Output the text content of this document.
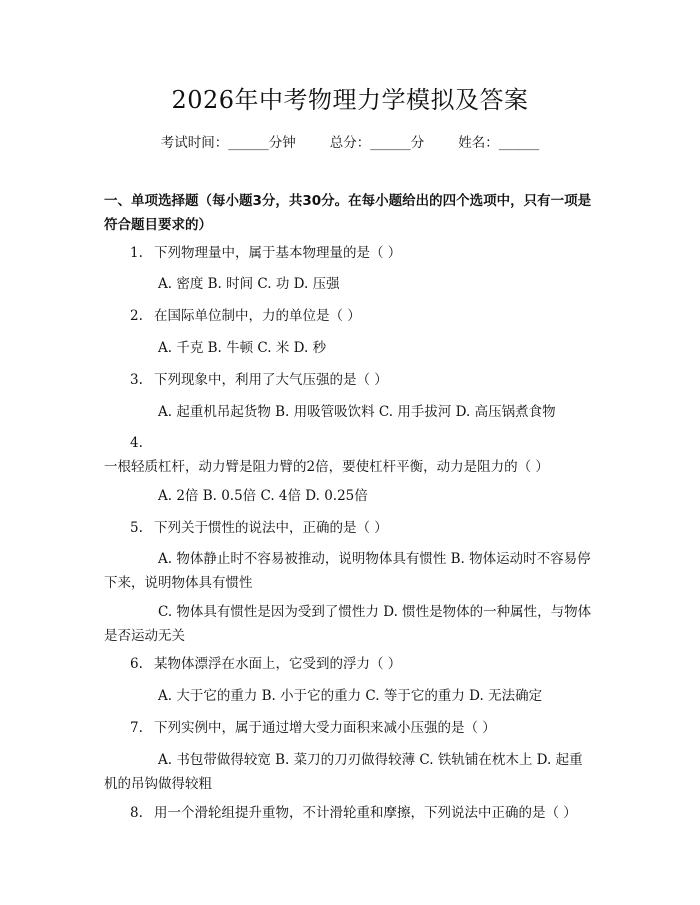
2026年中考物理力学模拟及答案
考试时间：______分钟	总分：______分	姓名：______
一、单项选择题（每小题3分，共30分。在每小题给出的四个选项中，只有一项是符合题目要求的）
1. 下列物理量中，属于基本物理量的是（ ）
A. 密度 B. 时间 C. 功 D. 压强
2. 在国际单位制中，力的单位是（ ）
A. 千克 B. 牛顿 C. 米 D. 秒
3. 下列现象中，利用了大气压强的是（ ）
A. 起重机吊起货物 B. 用吸管吸饮料 C. 用手拔河 D. 高压锅煮食物
4.一根轻质杠杆，动力臂是阻力臂的2倍，要使杠杆平衡，动力是阻力的（ ）
A. 2倍 B. 0.5倍 C. 4倍 D. 0.25倍
5. 下列关于惯性的说法中，正确的是（ ）
A. 物体静止时不容易被推动，说明物体具有惯性 B. 物体运动时不容易停下来，说明物体具有惯性
C. 物体具有惯性是因为受到了惯性力 D. 惯性是物体的一种属性，与物体是否运动无关
6. 某物体漂浮在水面上，它受到的浮力（ ）
A. 大于它的重力 B. 小于它的重力 C. 等于它的重力 D. 无法确定
7. 下列实例中，属于通过增大受力面积来减小压强的是（ ）
A. 书包带做得较宽 B. 菜刀的刀刃做得较薄 C. 铁轨铺在枕木上 D. 起重机的吊钩做得较粗
8. 用一个滑轮组提升重物，不计滑轮重和摩擦，下列说法中正确的是（ ）
